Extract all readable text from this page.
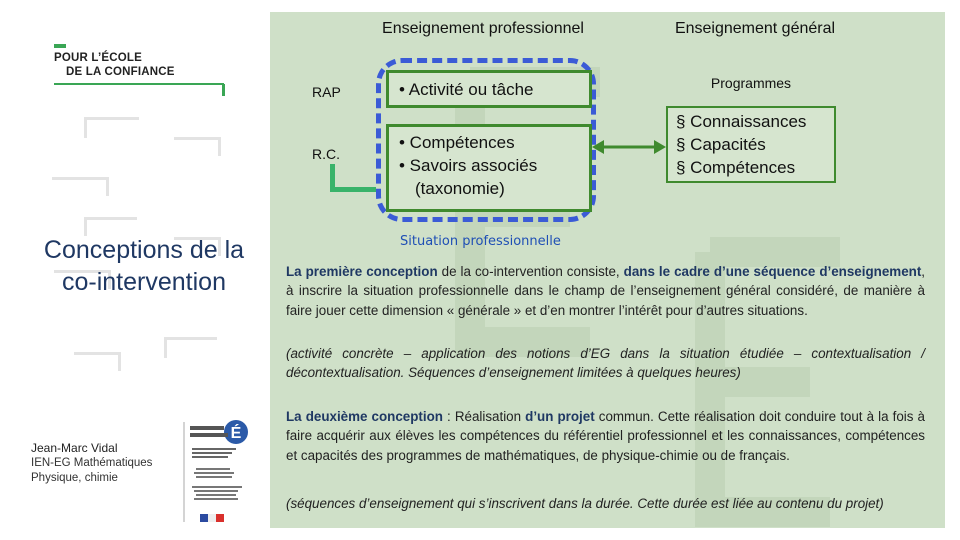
POUR L’ÉCOLE
DE LA CONFIANCE
Conceptions de la co-intervention
Jean-Marc Vidal
IEN-EG Mathématiques
Physique, chimie
É
Enseignement professionnel	Enseignement général
RAP
R.C.
• Activité ou tâche
• Compétences
• Savoirs associés (taxonomie)
Programmes
§ Connaissances
§ Capacités
§ Compétences
Situation professionnelle

La première conception de la co-intervention consiste, dans le cadre d’une séquence d’enseignement, à inscrire la situation professionnelle dans le champ de l’enseignement général considéré, de manière à faire jouer cette dimension « générale » et d’en montrer l’intérêt pour d’autres situations.

(activité concrète – application des notions d’EG dans la situation étudiée – contextualisation / décontextualisation. Séquences d’enseignement limitées à quelques heures)

La deuxième conception : Réalisation d’un projet commun. Cette réalisation doit conduire tout à la fois à faire acquérir aux élèves les compétences du référentiel professionnel et les connaissances, compétences et capacités des programmes de mathématiques, de physique-chimie ou de français.

(séquences d’enseignement qui s’inscrivent dans la durée. Cette durée est liée au contenu du projet)
